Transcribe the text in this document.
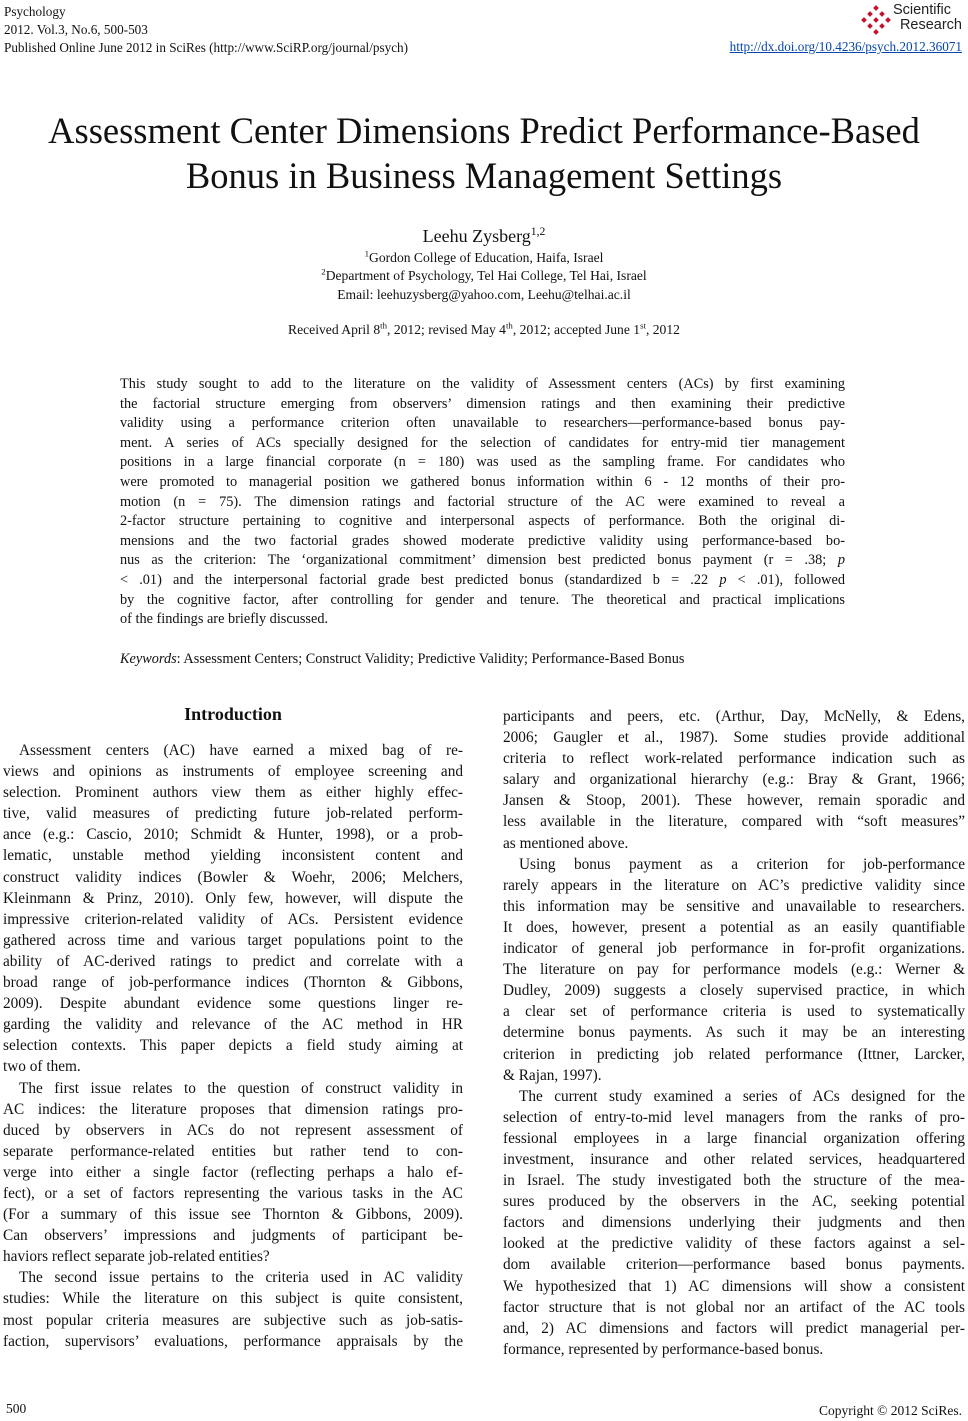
Psychology
2012. Vol.3, No.6, 500-503
Published Online June 2012 in SciRes (http://www.SciRP.org/journal/psych)
Scientific
Research
http://dx.doi.org/10.4236/psych.2012.36071
Assessment Center Dimensions Predict Performance-Based
Bonus in Business Management Settings
Leehu Zysberg$^{1,2}$
$^1$Gordon College of Education, Haifa, Israel
$^2$Department of Psychology, Tel Hai College, Tel Hai, Israel
Email: leehuzysberg@yahoo.com, Leehu@telhai.ac.il
Received April 8th, 2012; revised May 4th, 2012; accepted June 1st, 2012
This study sought to add to the literature on the validity of Assessment centers (ACs) by first examining
the factorial structure emerging from observers’ dimension ratings and then examining their predictive
validity using a performance criterion often unavailable to researchers—performance-based bonus pay-
ment. A series of ACs specially designed for the selection of candidates for entry-mid tier management
positions in a large financial corporate (n = 180) was used as the sampling frame. For candidates who
were promoted to managerial position we gathered bonus information within 6 - 12 months of their pro-
motion (n = 75). The dimension ratings and factorial structure of the AC were examined to reveal a
2-factor structure pertaining to cognitive and interpersonal aspects of performance. Both the original di-
mensions and the two factorial grades showed moderate predictive validity using performance-based bo-
nus as the criterion: The ‘organizational commitment’ dimension best predicted bonus payment (r = .38; p
< .01) and the interpersonal factorial grade best predicted bonus (standardized b = .22 p < .01), followed
by the cognitive factor, after controlling for gender and tenure. The theoretical and practical implications
of the findings are briefly discussed.
Keywords: Assessment Centers; Construct Validity; Predictive Validity; Performance-Based Bonus
Introduction
Assessment centers (AC) have earned a mixed bag of re-
views and opinions as instruments of employee screening and
selection. Prominent authors view them as either highly effec-
tive, valid measures of predicting future job-related perform-
ance (e.g.: Cascio, 2010; Schmidt & Hunter, 1998), or a prob-
lematic, unstable method yielding inconsistent content and
construct validity indices (Bowler & Woehr, 2006; Melchers,
Kleinmann & Prinz, 2010). Only few, however, will dispute the
impressive criterion-related validity of ACs. Persistent evidence
gathered across time and various target populations point to the
ability of AC-derived ratings to predict and correlate with a
broad range of job-performance indices (Thornton & Gibbons,
2009). Despite abundant evidence some questions linger re-
garding the validity and relevance of the AC method in HR
selection contexts. This paper depicts a field study aiming at
two of them.
The first issue relates to the question of construct validity in
AC indices: the literature proposes that dimension ratings pro-
duced by observers in ACs do not represent assessment of
separate performance-related entities but rather tend to con-
verge into either a single factor (reflecting perhaps a halo ef-
fect), or a set of factors representing the various tasks in the AC
(For a summary of this issue see Thornton & Gibbons, 2009).
Can observers’ impressions and judgments of participant be-
haviors reflect separate job-related entities?
The second issue pertains to the criteria used in AC validity
studies: While the literature on this subject is quite consistent,
most popular criteria measures are subjective such as job-satis-
faction, supervisors’ evaluations, performance appraisals by the
participants and peers, etc. (Arthur, Day, McNelly, & Edens,
2006; Gaugler et al., 1987). Some studies provide additional
criteria to reflect work-related performance indication such as
salary and organizational hierarchy (e.g.: Bray & Grant, 1966;
Jansen & Stoop, 2001). These however, remain sporadic and
less available in the literature, compared with “soft measures”
as mentioned above.
Using bonus payment as a criterion for job-performance
rarely appears in the literature on AC’s predictive validity since
this information may be sensitive and unavailable to researchers.
It does, however, present a potential as an easily quantifiable
indicator of general job performance in for-profit organizations.
The literature on pay for performance models (e.g.: Werner &
Dudley, 2009) suggests a closely supervised practice, in which
a clear set of performance criteria is used to systematically
determine bonus payments. As such it may be an interesting
criterion in predicting job related performance (Ittner, Larcker,
& Rajan, 1997).
The current study examined a series of ACs designed for the
selection of entry-to-mid level managers from the ranks of pro-
fessional employees in a large financial organization offering
investment, insurance and other related services, headquartered
in Israel. The study investigated both the structure of the mea-
sures produced by the observers in the AC, seeking potential
factors and dimensions underlying their judgments and then
looked at the predictive validity of these factors against a sel-
dom available criterion—performance based bonus payments.
We hypothesized that 1) AC dimensions will show a consistent
factor structure that is not global nor an artifact of the AC tools
and, 2) AC dimensions and factors will predict managerial per-
formance, represented by performance-based bonus.
500	Copyright © 2012 SciRes.
